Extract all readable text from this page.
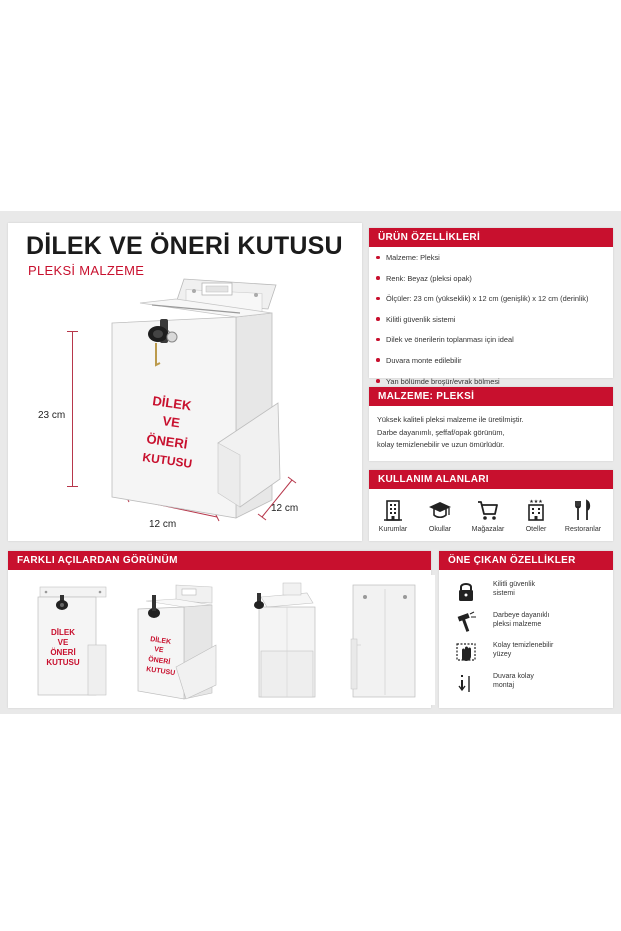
DİLEK VE ÖNERİ KUTUSU
PLEKSİ MALZEME
23 cm
12 cm
12 cm
DİLEK
VE
ÖNERİ
KUTUSU
ÜRÜN ÖZELLİKLERİ
Malzeme: Pleksi
Renk: Beyaz (pleksi opak)
Ölçüler: 23 cm (yükseklik) x 12 cm (genişlik) x 12 cm (derinlik)
Kilitli güvenlik sistemi
Dilek ve önerilerin toplanması için ideal
Duvara monte edilebilir
Yan bölümde broşür/evrak bölmesi
MALZEME: PLEKSİ
Yüksek kaliteli pleksi malzeme ile üretilmiştir.
Darbe dayanımlı, şeffaf/opak görünüm,
kolay temizlenebilir ve uzun ömürlüdür.
KULLANIM ALANLARI
Kurumlar	Okullar	Mağazalar
★★★
Oteller	Restoranlar
FARKLI AÇILARDAN GÖRÜNÜM
DİLEK
VE
ÖNERİ
KUTUSU
DİLEK
VE
ÖNERİ
KUTUSU
ÖNE ÇIKAN ÖZELLİKLER
Kilitli güvenlik
sistemi
Darbeye dayanıklı
pleksi malzeme
Kolay temizlenebilir
yüzey
Duvara kolay
montaj
